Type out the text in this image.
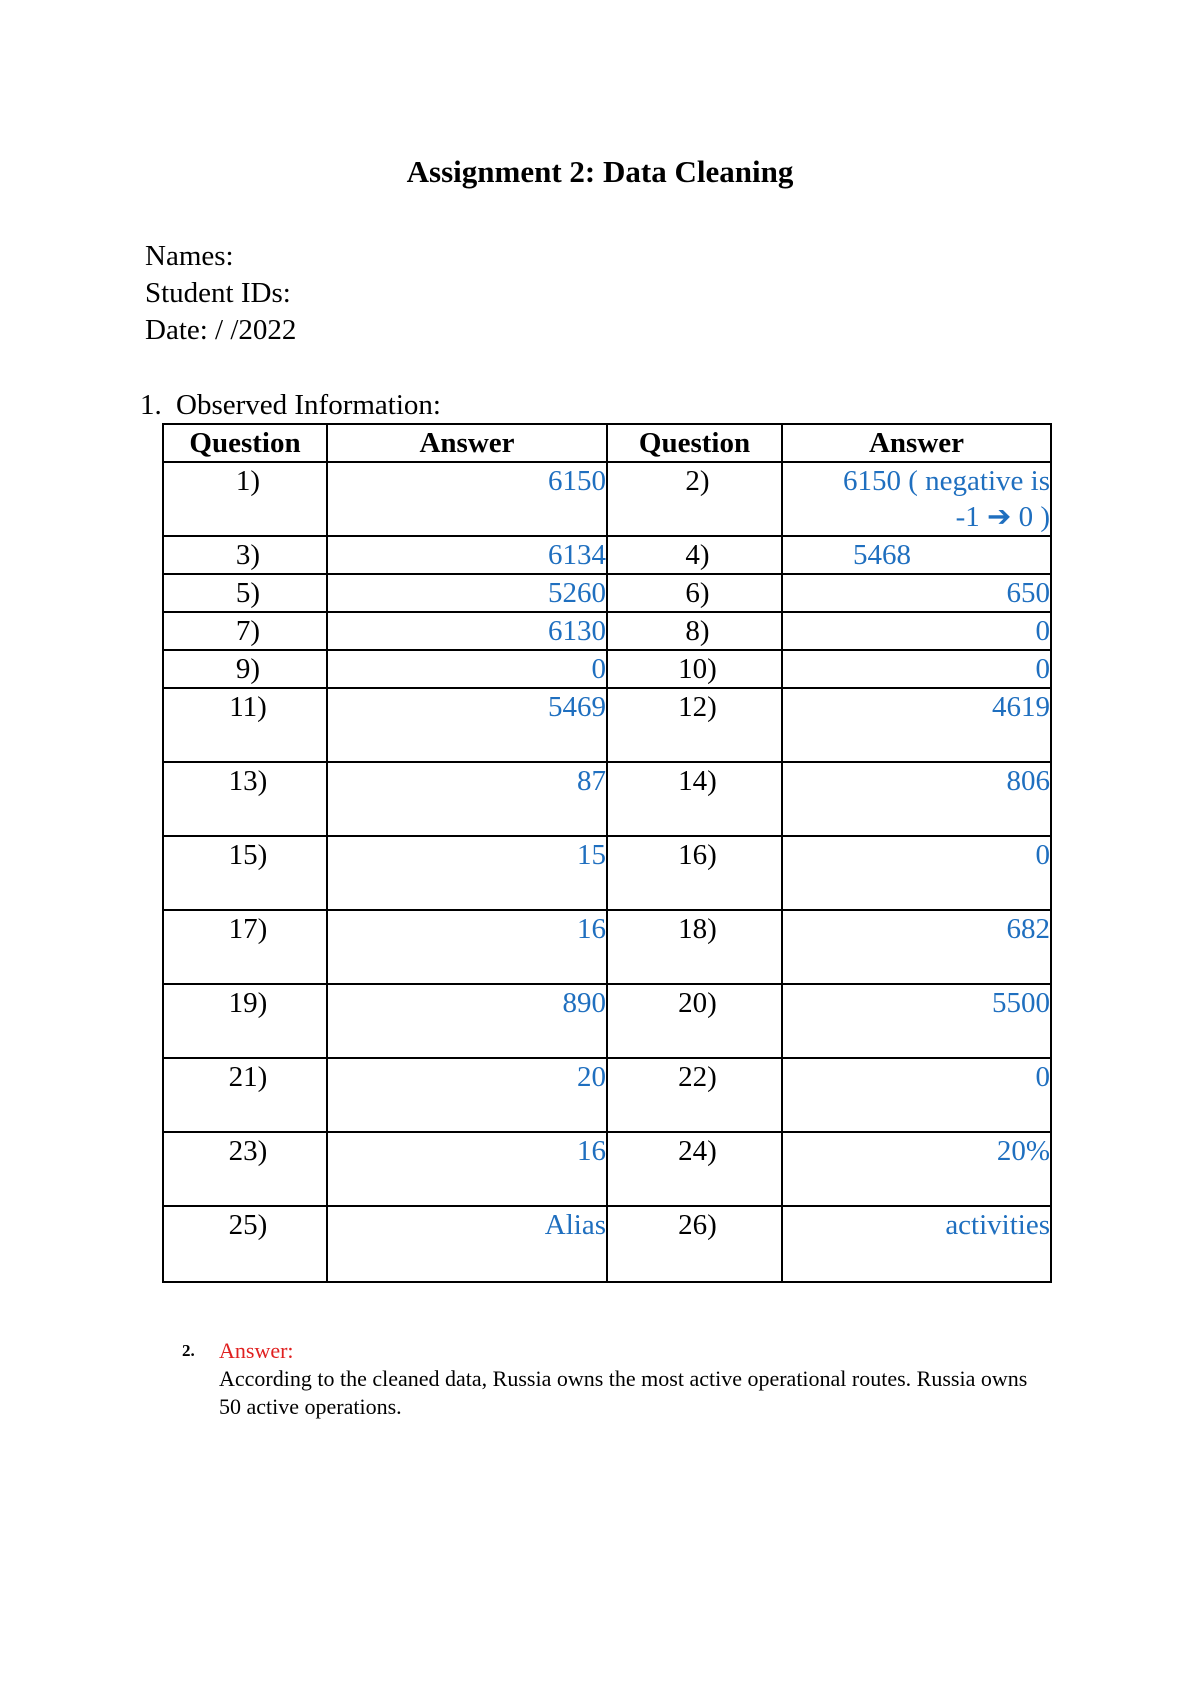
Assignment 2: Data Cleaning
Names:
Student IDs:
Date: / /2022
1. Observed Information:
Question	Answer	Question	Answer
1)	6150	2)	6150 ( negative is
-1 ➔ 0 )

3)	6134	4)	5468
5)	5260	6)	650
7)	6130	8)	0
9)	0	10)	0
11)	5469	12)	4619
13)	87	14)	806
15)	15	16)	0
17)	16	18)	682
19)	890	20)	5500
21)	20	22)	0
23)	16	24)	20%
25)	Alias	26)	activities
2. Answer:
According to the cleaned data, Russia owns the most active operational routes. Russia owns 50 active operations.
